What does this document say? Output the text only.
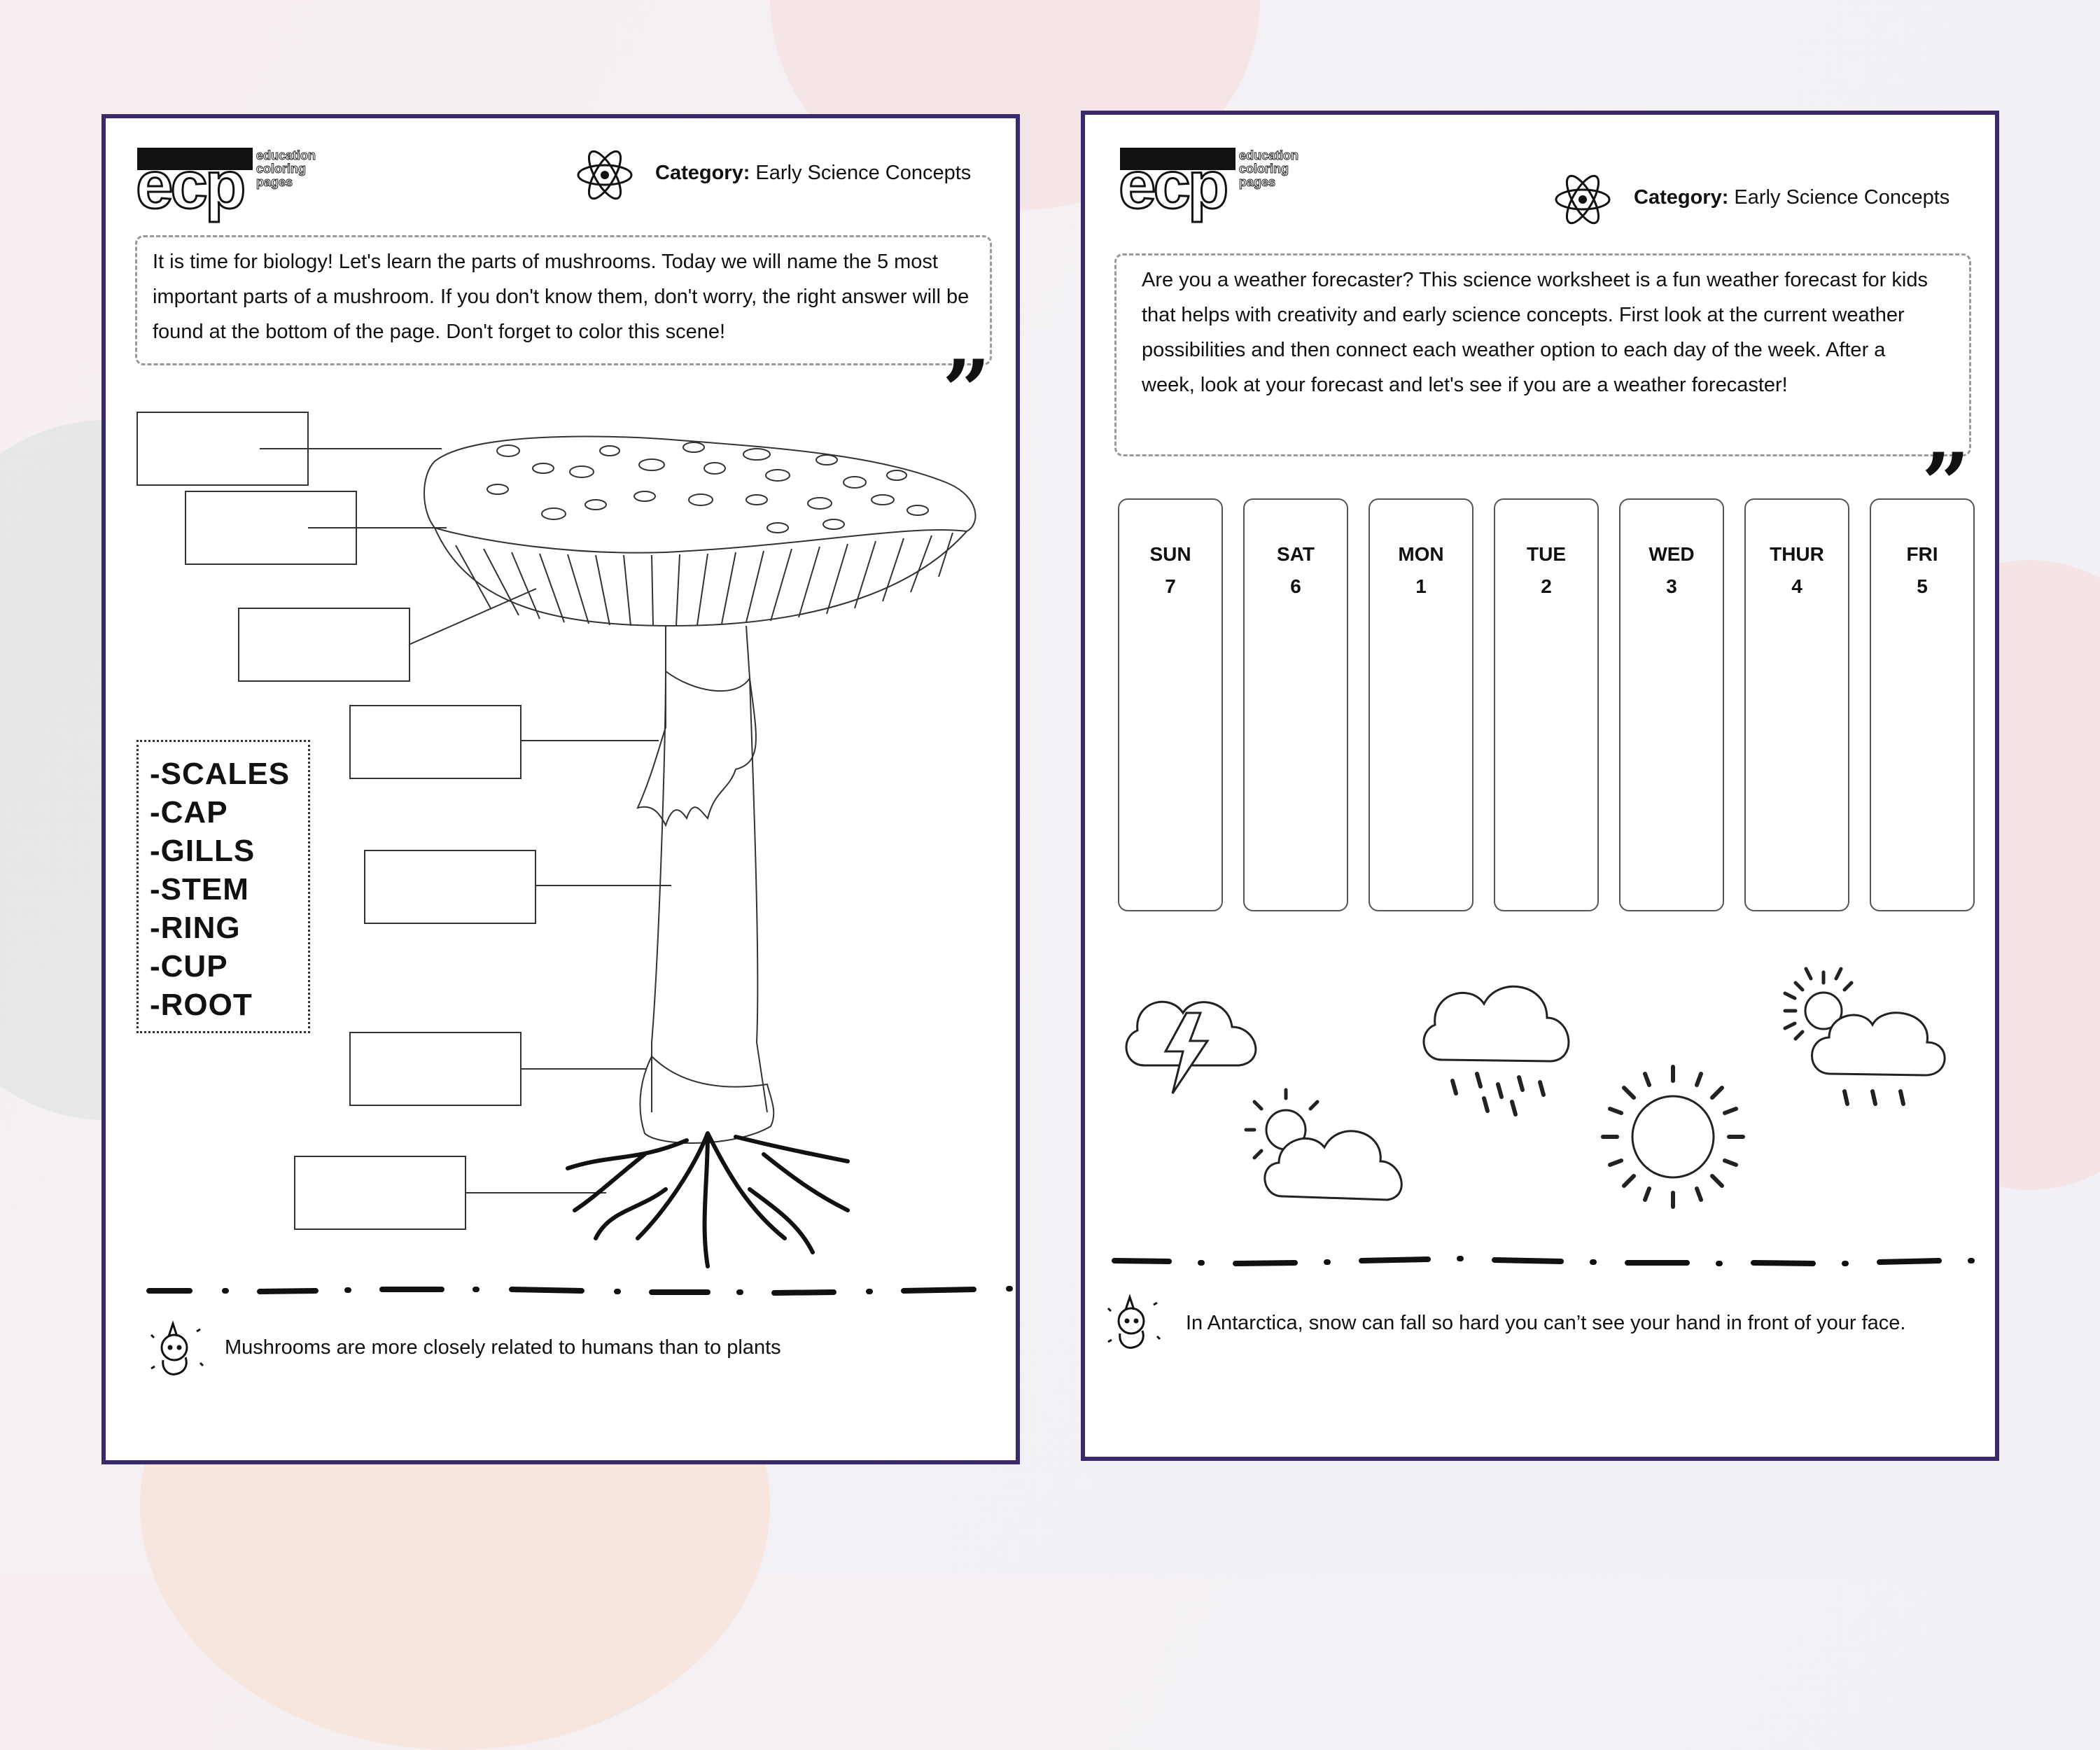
ecp education
coloring
pages	Category: Early Science Concepts
It is time for biology! Let's learn the parts of mushrooms. Today we will name the 5 most important parts of a mushroom. If you don't know them, don't worry, the right answer will be found at the bottom of the page. Don't forget to color this scene!
”
-SCALES
-CAP
-GILLS
-STEM
-RING
-CUP
-ROOT
Mushrooms are more closely related to humans than to plants
ecp education
coloring
pages
Category: Early Science Concepts
Are you a weather forecaster? This science worksheet is a fun weather forecast for kids that helps with creativity and early science concepts. First look at the current weather possibilities and then connect each weather option to each day of the week. After a week, look at your forecast and let's see if you are a weather forecaster!
”
SUN
7
SAT
6
MON
1
TUE
2
WED
3
THUR
4
FRI
5
In Antarctica, snow can fall so hard you can’t see your hand in front of your face.
